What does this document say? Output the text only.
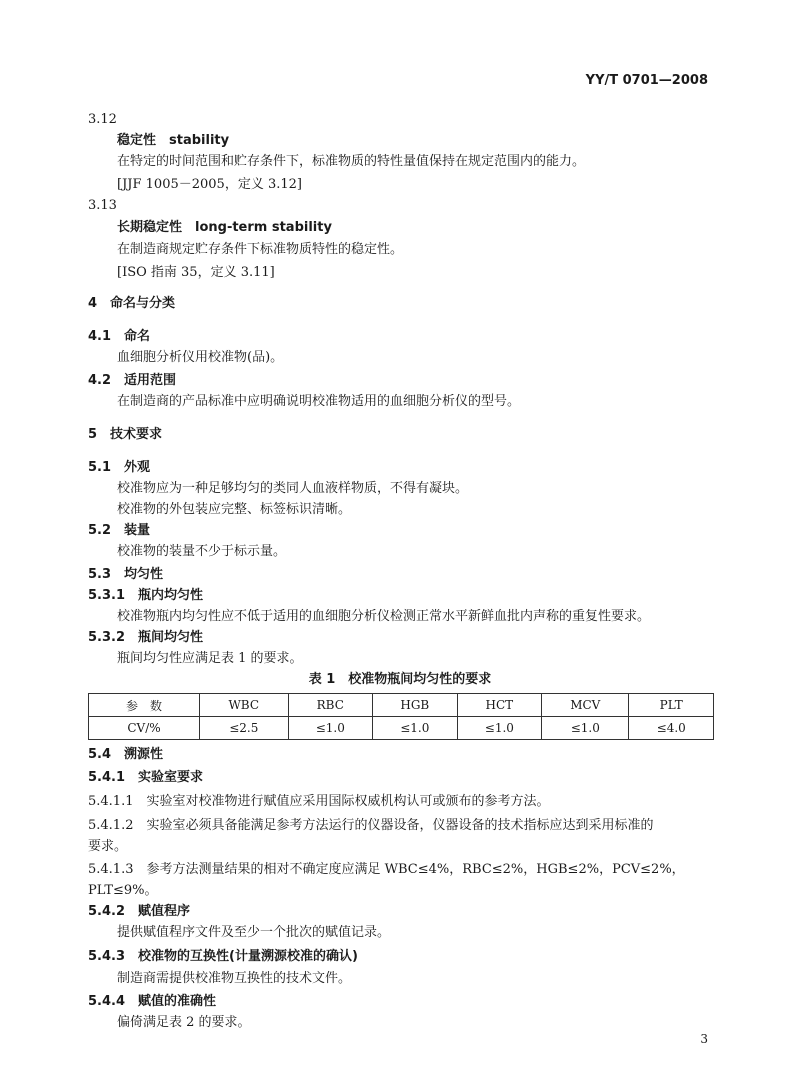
YY/T 0701—2008
3.12
稳定性　stability
在特定的时间范围和贮存条件下，标准物质的特性量值保持在规定范围内的能力。
[JJF 1005－2005，定义 3.12]
3.13
长期稳定性　long-term stability
在制造商规定贮存条件下标准物质特性的稳定性。
[ISO 指南 35，定义 3.11]
4　命名与分类
4.1　命名
血细胞分析仪用校准物(品)。
4.2　适用范围
在制造商的产品标准中应明确说明校准物适用的血细胞分析仪的型号。
5　技术要求
5.1　外观
校准物应为一种足够均匀的类同人血液样物质，不得有凝块。
校准物的外包装应完整、标签标识清晰。
5.2　装量
校准物的装量不少于标示量。
5.3　均匀性
5.3.1　瓶内均匀性
校准物瓶内均匀性应不低于适用的血细胞分析仪检测正常水平新鲜血批内声称的重复性要求。
5.3.2　瓶间均匀性
瓶间均匀性应满足表 1 的要求。
表 1　校准物瓶间均匀性的要求
参　数	WBC	RBC	HGB	HCT	MCV	PLT
CV/%	≤2.5	≤1.0	≤1.0	≤1.0	≤1.0	≤4.0
5.4　溯源性
5.4.1　实验室要求
5.4.1.1　实验室对校准物进行赋值应采用国际权威机构认可或颁布的参考方法。
5.4.1.2　实验室必须具备能满足参考方法运行的仪器设备，仪器设备的技术指标应达到采用标准的
要求。
5.4.1.3　参考方法测量结果的相对不确定度应满足 WBC≤4%，RBC≤2%，HGB≤2%，PCV≤2%，
PLT≤9%。
5.4.2　赋值程序
提供赋值程序文件及至少一个批次的赋值记录。
5.4.3　校准物的互换性(计量溯源校准的确认)
制造商需提供校准物互换性的技术文件。
5.4.4　赋值的准确性
偏倚满足表 2 的要求。
3
